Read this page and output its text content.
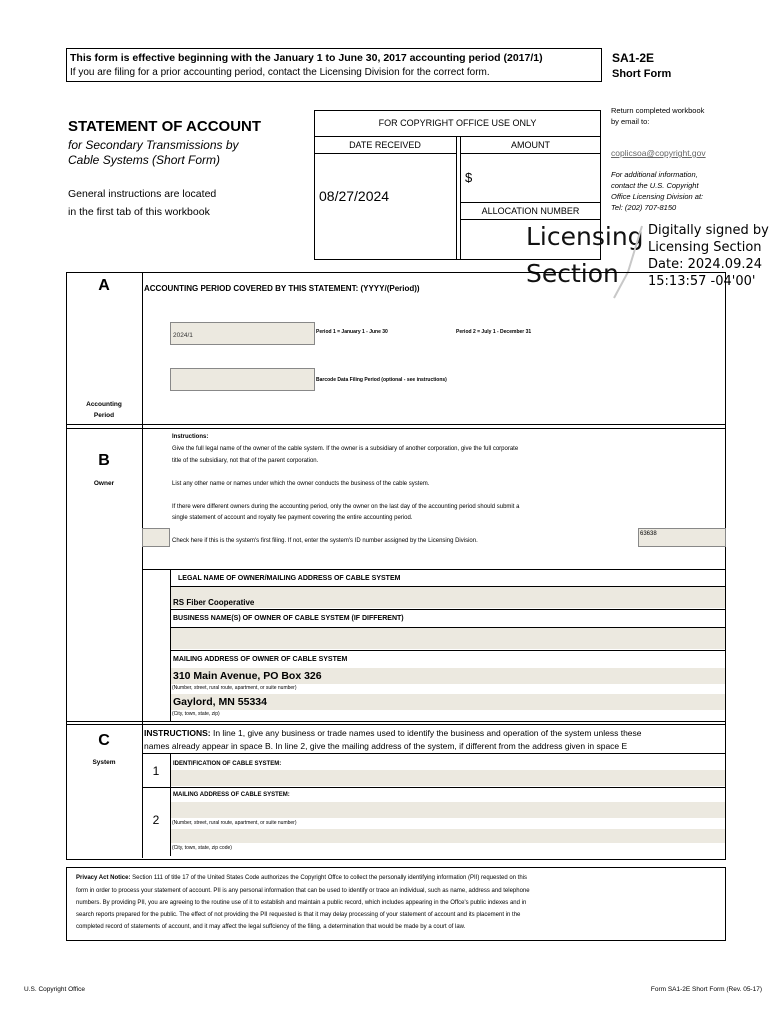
This form is effective beginning with the January 1 to June 30, 2017 accounting period (2017/1)
If you are filing for a prior accounting period, contact the Licensing Division for the correct form.
SA1-2E
Short Form
STATEMENT OF ACCOUNT
for Secondary Transmissions by
Cable Systems (Short Form)
General instructions are located
in the first tab of this workbook
FOR COPYRIGHT OFFICE USE ONLY
DATE RECEIVED	AMOUNT
08/27/2024
$
ALLOCATION NUMBER
Return completed workbook
by email to:
coplicsoa@copyright.gov
For additional information,
contact the U.S. Copyright
Office Licensing Division at:
Tel: (202) 707-8150
Licensing
Section
Digitally signed by
Licensing Section
Date: 2024.09.24
15:13:57 -04'00'
A
Accounting
Period
ACCOUNTING PERIOD COVERED BY THIS STATEMENT: (YYYY/(Period))
2024/1	Period 1 = January 1 - June 30	Period 2 = July 1 - December 31
Barcode Data Filing Period (optional - see instructions)
B
Owner
Instructions:
Give the full legal name of the owner of the cable system. If the owner is a subsidiary of another corporation, give the full corporate
title of the subsidiary, not that of the parent corporation.
List any other name or names under which the owner conducts the business of the cable system.
If there were different owners during the accounting period, only the owner on the last day of the accounting period should submit a
single statement of account and royalty fee payment covering the entire accounting period.
Check here if this is the system's first filing. If not, enter the system's ID number assigned by the Licensing Division.
63638
LEGAL NAME OF OWNER/MAILING ADDRESS OF CABLE SYSTEM
RS Fiber Cooperative
BUSINESS NAME(S) OF OWNER OF CABLE SYSTEM (IF DIFFERENT)
MAILING ADDRESS OF OWNER OF CABLE SYSTEM
310 Main Avenue, PO Box 326
(Number, street, rural route, apartment, or suite number)
Gaylord, MN 55334
(City, town, state, zip)
C
System
INSTRUCTIONS: In line 1, give any business or trade names used to identify the business and operation of the system unless these
names already appear in space B. In line 2, give the mailing address of the system, if different from the address given in space E
1	IDENTIFICATION OF CABLE SYSTEM:
2
MAILING ADDRESS OF CABLE SYSTEM:
(Number, street, rural route, apartment, or suite number)
(City, town, state, zip code)
Privacy Act Notice: Section 111 of title 17 of the United States Code authorizes the Copyright Offce to collect the personally identifying information (PII) requested on this
form in order to process your statement of account. PII is any personal information that can be used to identify or trace an individual, such as name, address and telephone
numbers. By providing PII, you are agreeing to the routine use of it to establish and maintain a public record, which includes appearing in the Offce's public indexes and in
search reports prepared for the public. The effect of not providing the PII requested is that it may delay processing of your statement of account and its placement in the
completed record of statements of account, and it may affect the legal suffciency of the filing, a determination that would be made by a court of law.
U.S. Copyright Office	Form SA1-2E Short Form (Rev. 05-17)
